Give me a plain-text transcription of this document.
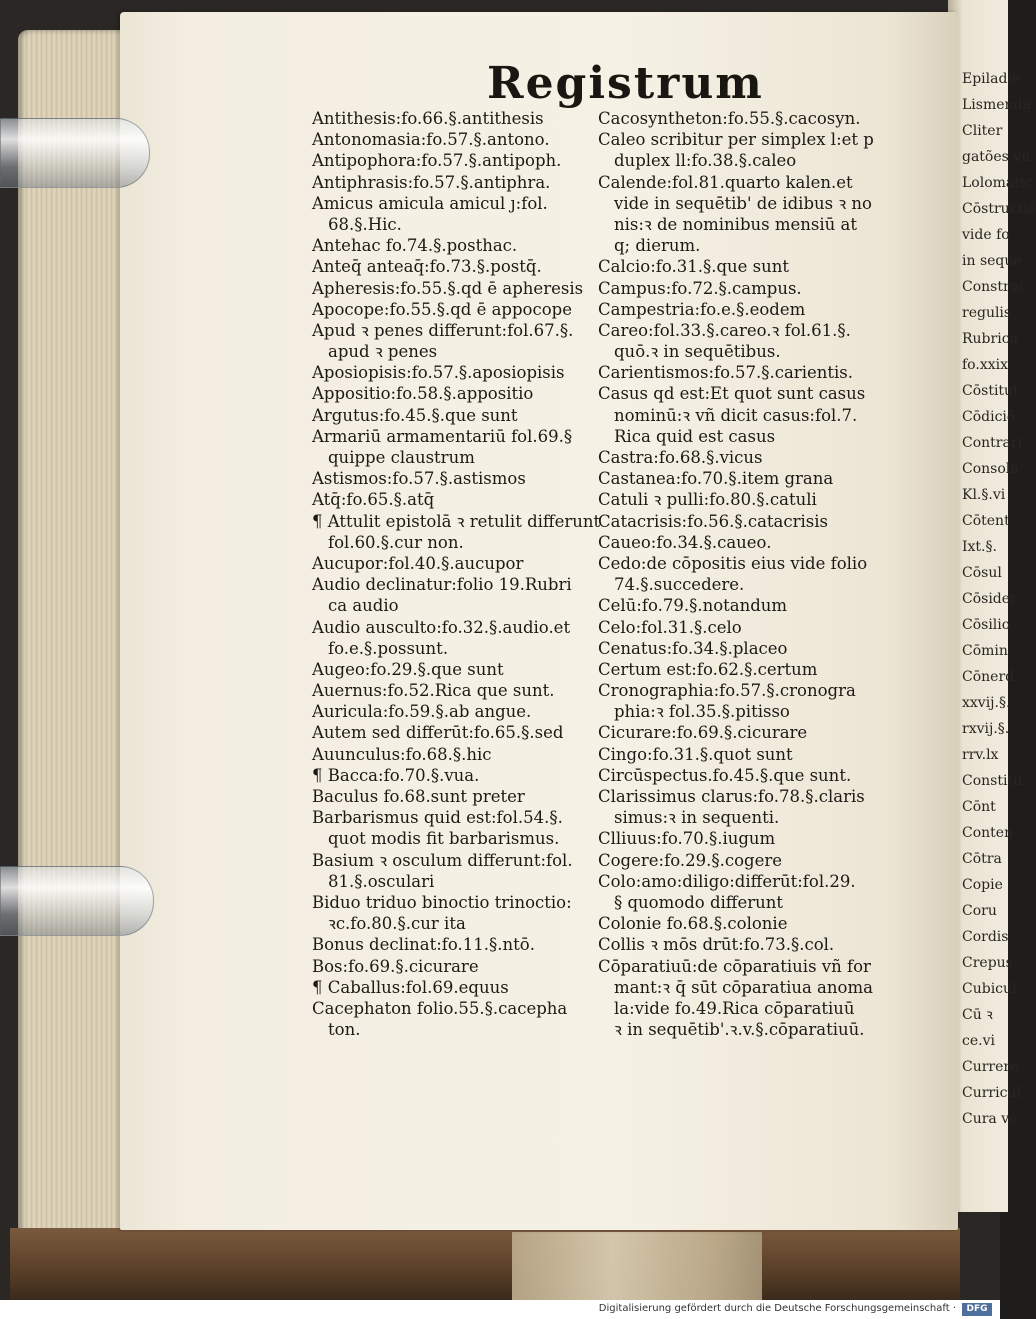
Epiladie
Lismenda
Cliter
gatões vn
Lolomatic
Cōstructiō
vide fo
in seque
Construc
regulis
Rubrica
fo.xxix.
Cōstitut
Cōdiciō
Contrari
Consola
Kl.§.vi
Cōtent
Ixt.§.
Cōsul
Cōsider
Cōsilio
Cōmin
Cōnerd
xxvij.§.
rxvij.§.
rrv.lx
Constitu
Cōnt
Conten
Cōtra
Copie
Coru
Cordis
Crepus
Cubicul
Cū ꝛ
ce.vi
Currere
Curricul
Cura ve
Registrum
Antithesis:fo.66.§.antithesis
Antonomasia:fo.57.§.antono.
Antipophora:fo.57.§.antipoph.
Antiphrasis:fo.57.§.antiphra.
Amicus amicula amicul ȷ:fol.
68.§.Hic.
Antehac fo.74.§.posthac.
Anteq̄ anteaq̄:fo.73.§.postq̄.
Apheresis:fo.55.§.qd ē apheresis
Apocope:fo.55.§.qd ē appocope
Apud ꝛ penes differunt:fol.67.§.
apud ꝛ penes
Aposiopisis:fo.57.§.aposiopisis
Appositio:fo.58.§.appositio
Argutus:fo.45.§.que sunt
Armariū armamentariū fol.69.§
quippe claustrum
Astismos:fo.57.§.astismos
Atq̄:fo.65.§.atq̄
¶ Attulit epistolā ꝛ retulit differunt
fol.60.§.cur non.
Aucupor:fol.40.§.aucupor
Audio declinatur:folio 19.Rubri
ca audio
Audio ausculto:fo.32.§.audio.et
fo.e.§.possunt.
Augeo:fo.29.§.que sunt
Auernus:fo.52.Rica que sunt.
Auricula:fo.59.§.ab angue.
Autem sed differūt:fo.65.§.sed
Auunculus:fo.68.§.hic
¶ Bacca:fo.70.§.vua.
Baculus fo.68.sunt preter
Barbarismus quid est:fol.54.§.
quot modis fit barbarismus.
Basium ꝛ osculum differunt:fol.
81.§.osculari
Biduo triduo binoctio trinoctio:
ꝛc.fo.80.§.cur ita
Bonus declinat:fo.11.§.ntō.
Bos:fo.69.§.cicurare
¶ Caballus:fol.69.equus
Cacephaton folio.55.§.cacepha
ton.
Cacosyntheton:fo.55.§.cacosyn.
Caleo scribitur per simplex l:et p
duplex ll:fo.38.§.caleo
Calende:fol.81.quarto kalen.et
vide in sequētib' de idibus ꝛ no
nis:ꝛ de nominibus mensiū at
q; dierum.
Calcio:fo.31.§.que sunt
Campus:fo.72.§.campus.
Campestria:fo.e.§.eodem
Careo:fol.33.§.careo.ꝛ fol.61.§.
quō.ꝛ in sequētibus.
Carientismos:fo.57.§.carientis.
Casus qd est:Et quot sunt casus
nominū:ꝛ vñ dicit casus:fol.7.
Rica quid est casus
Castra:fo.68.§.vicus
Castanea:fo.70.§.item grana
Catuli ꝛ pulli:fo.80.§.catuli
Catacrisis:fo.56.§.catacrisis
Caueo:fo.34.§.caueo.
Cedo:de cōpositis eius vide folio
74.§.succedere.
Celū:fo.79.§.notandum
Celo:fol.31.§.celo
Cenatus:fo.34.§.placeo
Certum est:fo.62.§.certum
Cronographia:fo.57.§.cronogra
phia:ꝛ fol.35.§.pitisso
Cicurare:fo.69.§.cicurare
Cingo:fo.31.§.quot sunt
Circūspectus.fo.45.§.que sunt.
Clarissimus clarus:fo.78.§.claris
simus:ꝛ in sequenti.
Clliuus:fo.70.§.iugum
Cogere:fo.29.§.cogere
Colo:amo:diligo:differūt:fol.29.
§ quomodo differunt
Colonie fo.68.§.colonie
Collis ꝛ mōs drūt:fo.73.§.col.
Cōparatiuū:de cōparatiuis vñ for
mant:ꝛ q̄ sūt cōparatiua anoma
la:vide fo.49.Rica cōparatiuū
ꝛ in sequētib'.ꝛ.v.§.cōparatiuū.
Digitalisierung gefördert durch die Deutsche Forschungsgemeinschaft ·	DFG
